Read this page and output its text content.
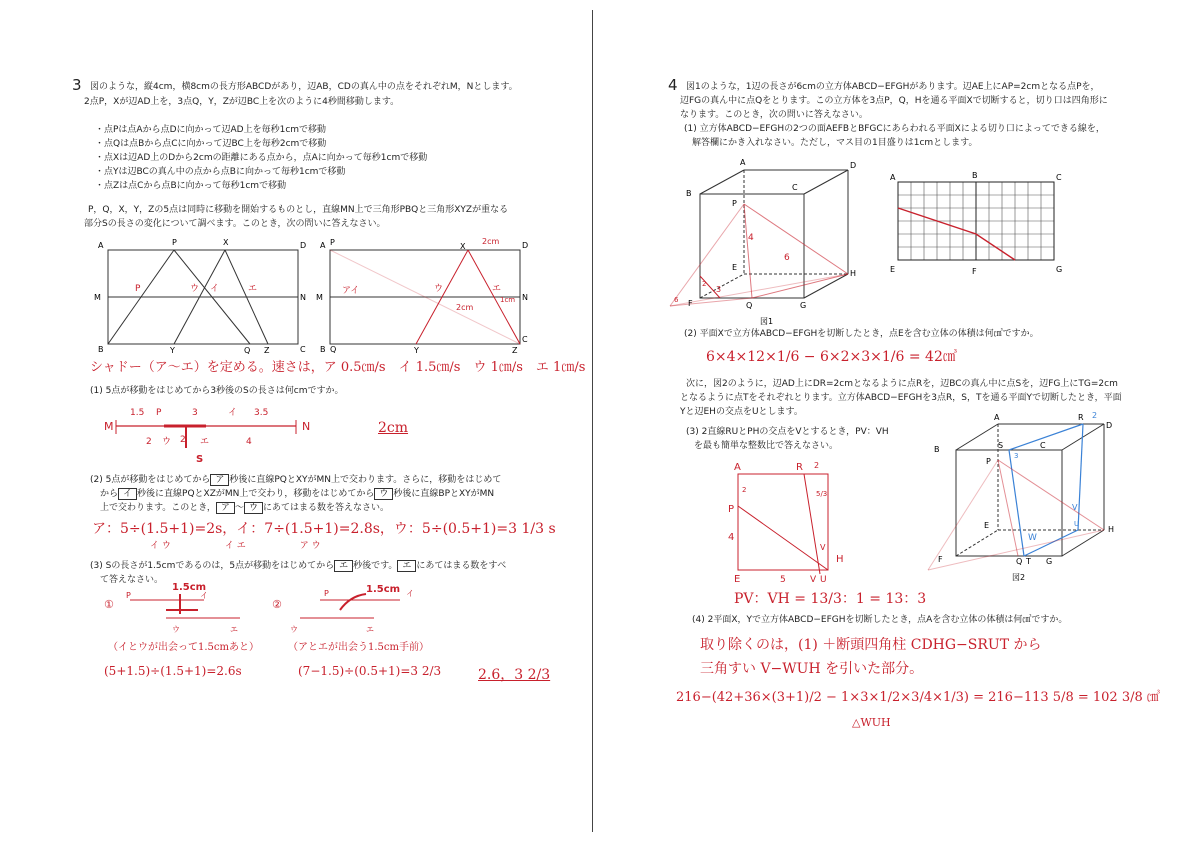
3 図のような，縦4cm，横8cmの長方形ABCDがあり，辺AB，CDの真ん中の点をそれぞれM，Nとします。
2点P，Xが辺AD上を，3点Q，Y，Zが辺BC上を次のように4秒間移動します。
・点Pは点Aから点Dに向かって辺AD上を毎秒1cmで移動
・点Qは点Bから点Cに向かって辺BC上を毎秒2cmで移動
・点Xは辺AD上のDから2cmの距離にある点から，点Aに向かって毎秒1cmで移動
・点Yは辺BCの真ん中の点から点Bに向かって毎秒1cmで移動
・点Zは点Cから点Bに向かって毎秒1cmで移動
P，Q，X，Y，Zの5点は同時に移動を開始するものとし，直線MN上で三角形PBQと三角形XYZが重なる
部分Sの長さの変化について調べます。このとき，次の問いに答えなさい。
A	P	X	D
M	N
B	Y	Q Z	C
P	ウ イ	エ
A P	X	D
M	N
B Q	Y	Z
C
アイ	ウ	エ
2cm
2cm
1cm
シャドー（ア〜エ）を定める。速さは，ア 0.5㎝/s　イ 1.5㎝/s　ウ 1㎝/s　エ 1㎝/s
(1) 5点が移動をはじめてから3秒後のSの長さは何cmですか。
M	N
1.5 P	3	イ 3.5
2 ウ 2 エ	4
S
2cm
(2) 5点が移動をはじめてから ア 秒後に直線PQとXYがMN上で交わります。さらに，移動をはじめて
から イ 秒後に直線PQとXZがMN上で交わり，移動をはじめてから ウ 秒後に直線BPとXYがMN
上で交わります。このとき， ア 〜 ウ にあてはまる数を答えなさい。
ア：5÷(1.5+1)=2s，イ：7÷(1.5+1)=2.8s，ウ：5÷(0.5+1)=3 1/3 s
イ ウ　　　　　　イ エ　　　　　　ア ウ
(3) Sの長さが1.5cmであるのは，5点が移動をはじめてから エ 秒後です。 エ にあてはまる数をすべ
て答えなさい。
①
1.5cm
P	イ
ウ	エ
（イとウが出会って1.5cmあと）
(5+1.5)÷(1.5+1)=2.6s
②
1.5cm
P	イ
ウ	エ
（アとエが出会う1.5cm手前）
(7−1.5)÷(0.5+1)=3 2/3	2.6，3 2/3
4 図1のような，1辺の長さが6cmの立方体ABCD−EFGHがあります。辺AE上にAP=2cmとなる点Pを，
辺FGの真ん中に点Qをとります。この立方体を3点P，Q，Hを通る平面Xで切断すると，切り口は四角形に
なります。このとき，次の問いに答えなさい。
(1) 立方体ABCD−EFGHの2つの面AEFBとBFGCにあらわれる平面Xによる切り口によってできる線を，
解答欄にかき入れなさい。ただし，マス目の1目盛りは1cmとします。
A	D
B
C
P
E
H
F	Q	G
図1
4
6
3
2
6
A	B	C
E	F	G
(2) 平面Xで立方体ABCD−EFGHを切断したとき，点Eを含む立体の体積は何㎤ですか。
6×4×12×1/6 − 6×2×3×1/6 = 42㎤
次に，図2のように，辺AD上にDR=2cmとなるように点Rを，辺BCの真ん中に点Sを，辺FG上にTG=2cm
となるように点Tをそれぞれとります。立方体ABCD−EFGHを3点R，S，Tを通る平面Yで切断したとき，平面
Yと辺EHの交点をUとします。
(3) 2直線RUとPHの交点をVとするとき，PV：VH
を最も簡単な整数比で答えなさい。
A	R 2
P
2
4
5/3
E	5	V U
V
H
PV：VH = 13/3：1 = 13：3
A	R 2
D
B	S	C
3
P
E	H
V
U
W
F	Q T G
図2
(4) 2平面X，Yで立方体ABCD−EFGHを切断したとき，点Aを含む立体の体積は何㎤ですか。
取り除くのは，(1) ＋断頭四角柱 CDHG−SRUT から
三角すい V−WUH を引いた部分。
216−(42+36×(3+1)/2 − 1×3×1/2×3/4×1/3) = 216−113 5/8 = 102 3/8 ㎤
△WUH
